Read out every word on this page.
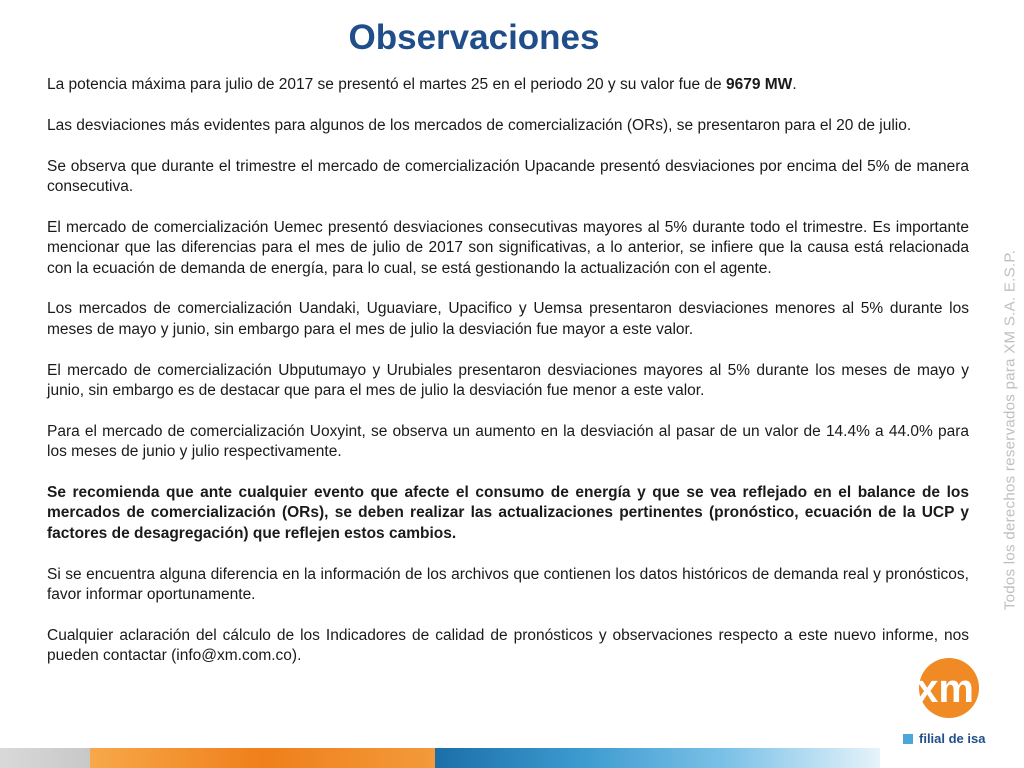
Observaciones

La potencia máxima para julio de 2017 se presentó el martes 25 en el periodo 20 y su valor fue de 9679 MW.

Las desviaciones más evidentes para algunos de los mercados de comercialización (ORs), se presentaron para el 20 de julio.

Se observa que durante el trimestre el mercado de comercialización Upacande presentó desviaciones por encima del 5% de manera consecutiva.

El mercado de comercialización Uemec presentó desviaciones consecutivas mayores al 5% durante todo el trimestre. Es importante mencionar que las diferencias para el mes de julio de 2017 son significativas, a lo anterior, se infiere que la causa está relacionada con la ecuación de demanda de energía, para lo cual, se está gestionando la actualización con el agente.

Los mercados de comercialización Uandaki, Uguaviare, Upacifico y Uemsa presentaron desviaciones menores al 5% durante los meses de mayo y junio, sin embargo para el mes de julio la desviación fue mayor a este valor.

El mercado de comercialización Ubputumayo y Urubiales presentaron desviaciones mayores al 5% durante los meses de mayo y junio, sin embargo es de destacar que para el mes de julio la desviación fue menor a este valor.

Para el mercado de comercialización Uoxyint, se observa un aumento en la desviación al pasar de un valor de 14.4% a 44.0% para los meses de junio y julio respectivamente.

Se recomienda que ante cualquier evento que afecte el consumo de energía y que se vea reflejado en el balance de los mercados de comercialización (ORs), se deben realizar las actualizaciones pertinentes (pronóstico, ecuación de la UCP y factores de desagregación) que reflejen estos cambios.

Si se encuentra alguna diferencia en la información de los archivos que contienen los datos históricos de demanda real y pronósticos, favor informar oportunamente.

Cualquier aclaración del cálculo de los Indicadores de calidad de pronósticos y observaciones respecto a este nuevo informe, nos pueden contactar (info@xm.com.co).

Todos los derechos reservados para XM S.A. E.S.P.
xm
filial de isa
